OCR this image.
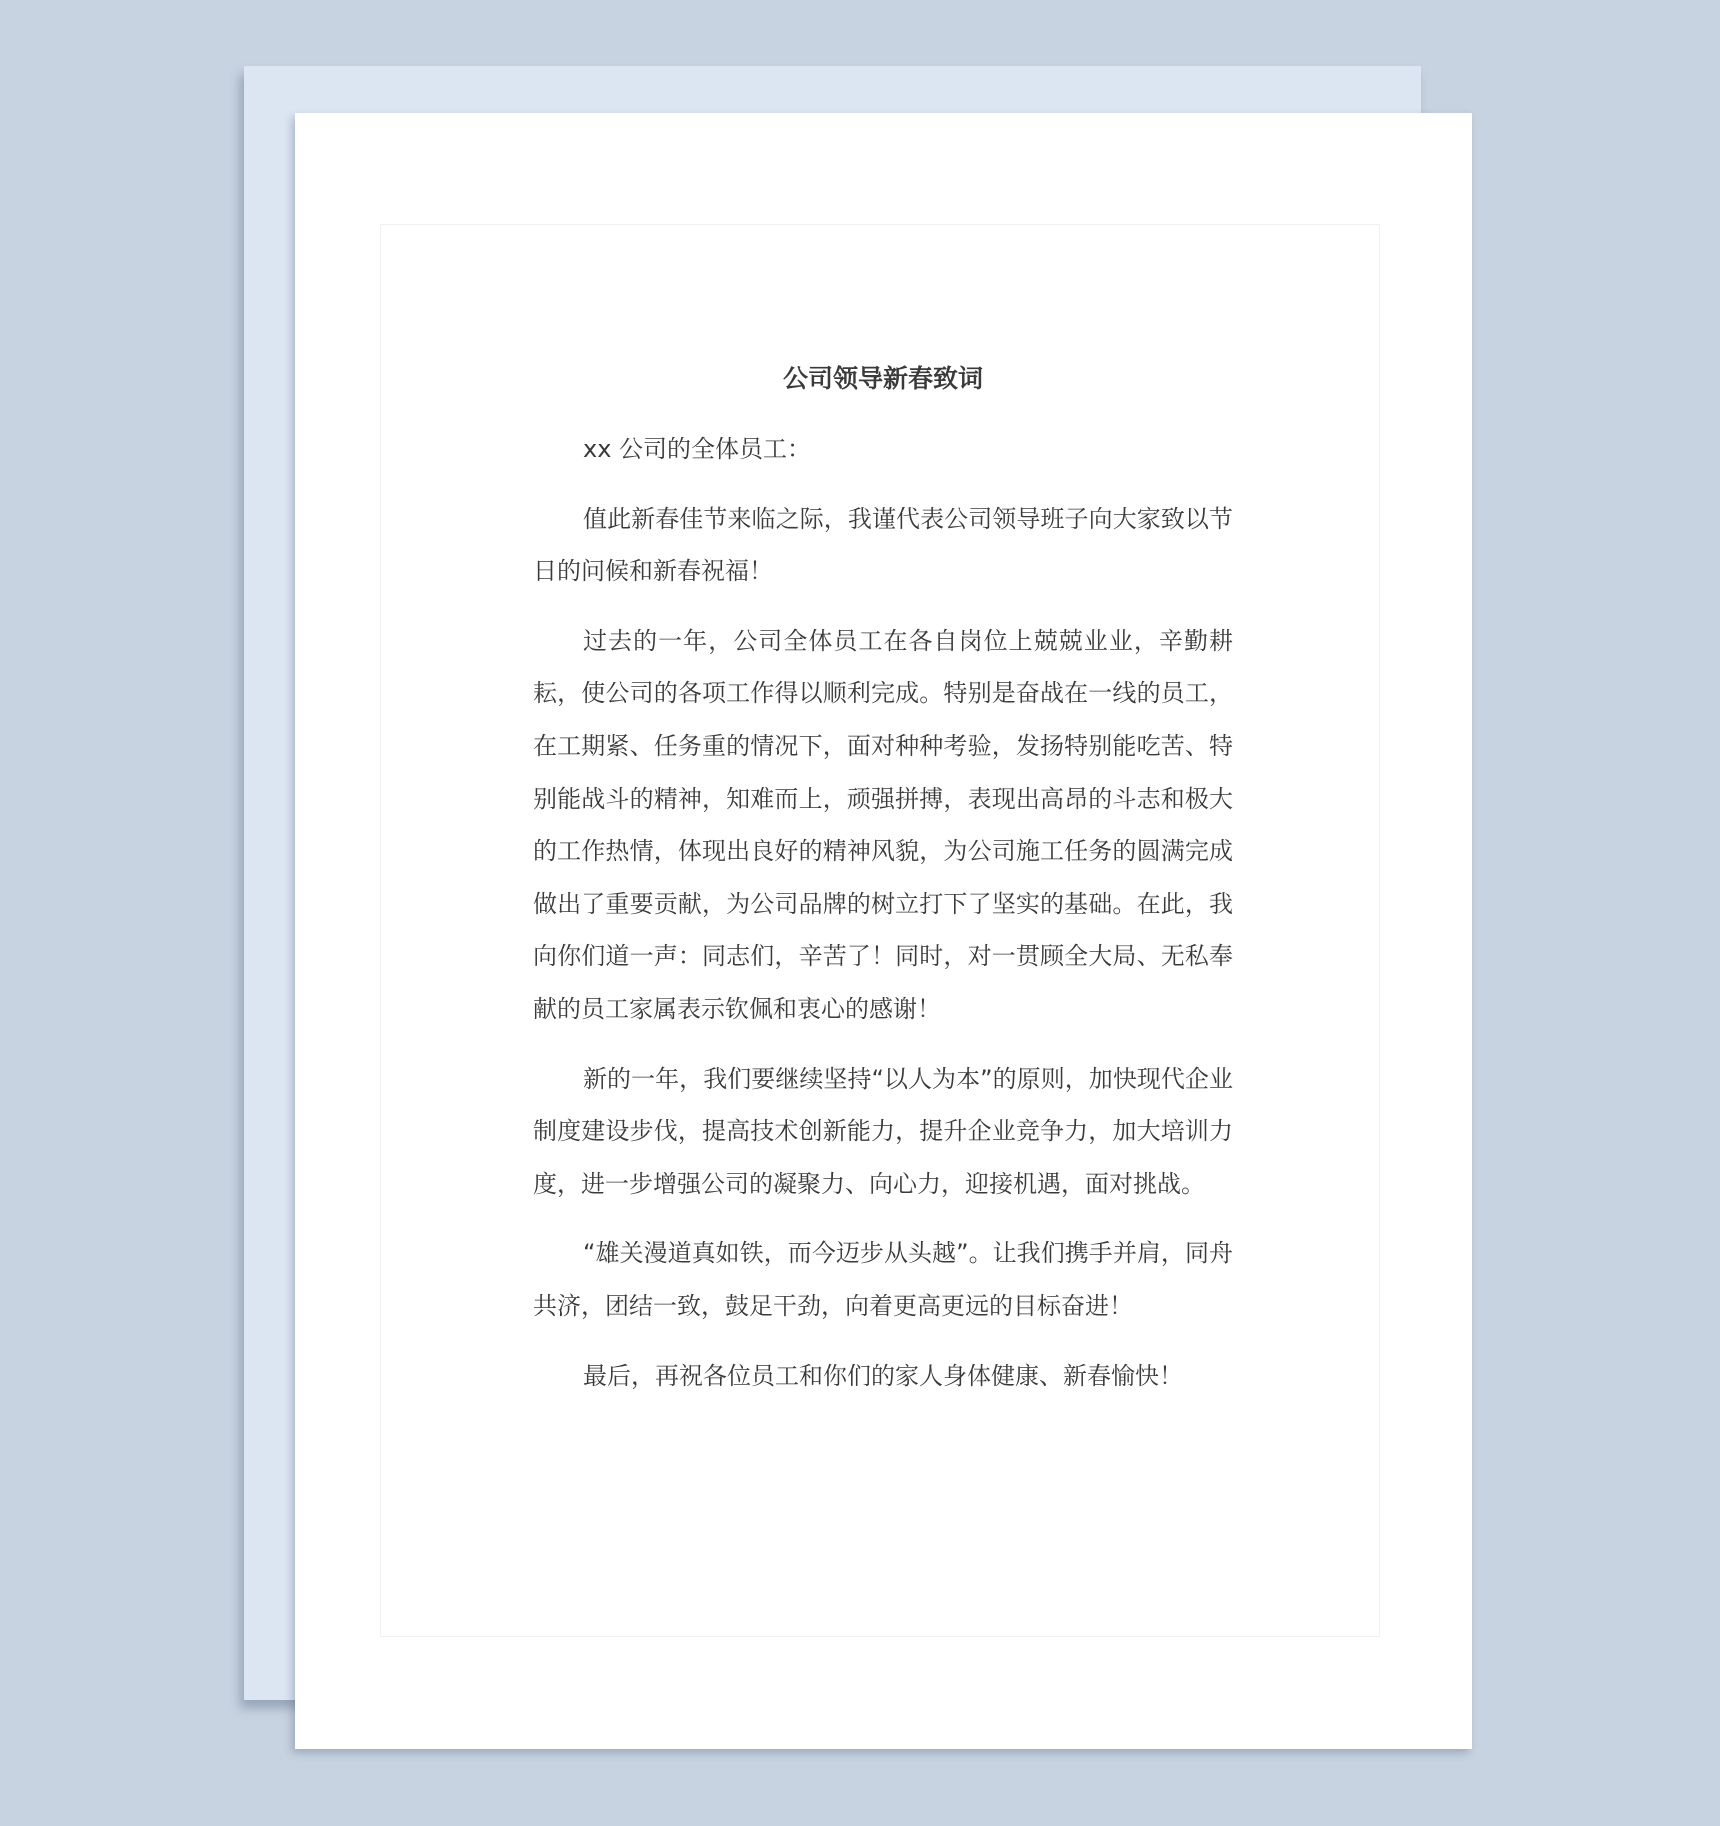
公司领导新春致词

xx 公司的全体员工：

值此新春佳节来临之际，我谨代表公司领导班子向大家致以节日的问候和新春祝福！

过去的一年，公司全体员工在各自岗位上兢兢业业，辛勤耕耘，使公司的各项工作得以顺利完成。特别是奋战在一线的员工，在工期紧、任务重的情况下，面对种种考验，发扬特别能吃苦、特别能战斗的精神，知难而上，顽强拼搏，表现出高昂的斗志和极大的工作热情，体现出良好的精神风貌，为公司施工任务的圆满完成做出了重要贡献，为公司品牌的树立打下了坚实的基础。在此，我向你们道一声：同志们，辛苦了！同时，对一贯顾全大局、无私奉献的员工家属表示钦佩和衷心的感谢！

新的一年，我们要继续坚持“以人为本”的原则，加快现代企业制度建设步伐，提高技术创新能力，提升企业竞争力，加大培训力度，进一步增强公司的凝聚力、向心力，迎接机遇，面对挑战。

“雄关漫道真如铁，而今迈步从头越”。让我们携手并肩，同舟共济，团结一致，鼓足干劲，向着更高更远的目标奋进！

最后，再祝各位员工和你们的家人身体健康、新春愉快！
